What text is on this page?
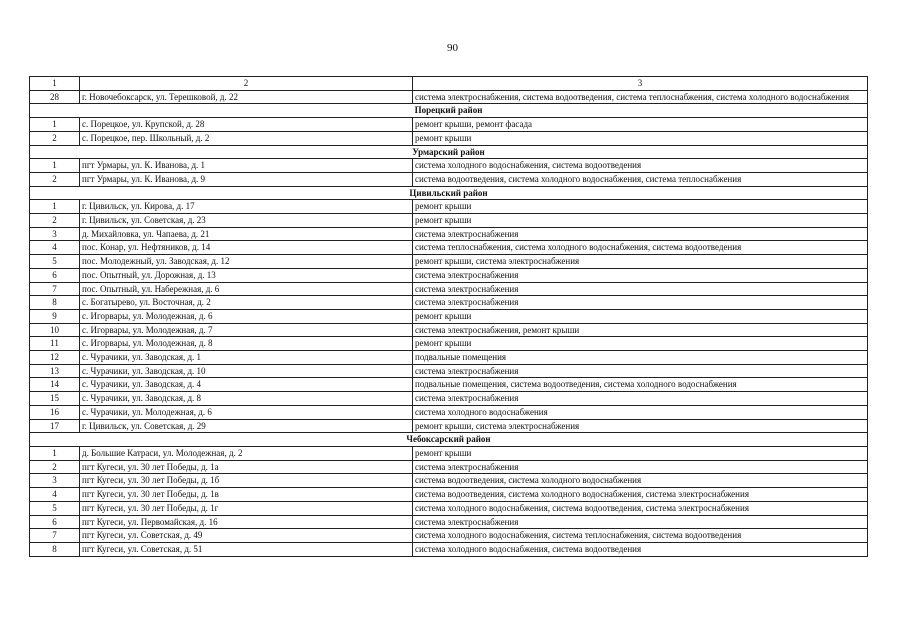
90
1	2	3
28	г. Новочебоксарск, ул. Терешковой, д. 22	система электроснабжения, система водоотведения, система теплоснабжения, система холодного водоснабжения
Порецкий район		
1	с. Порецкое, ул. Крупской, д. 28	ремонт крыши, ремонт фасада
2	с. Порецкое, пер. Школьный, д. 2	ремонт крыши
Урмарский район		
1	пгт Урмары, ул. К. Иванова, д. 1	система холодного водоснабжения, система водоотведения
2	пгт Урмары, ул. К. Иванова, д. 9	система водоотведения, система холодного водоснабжения, система теплоснабжения
Цивильский район		
1	г. Цивильск, ул. Кирова, д. 17	ремонт крыши
2	г. Цивильск, ул. Советская, д. 23	ремонт крыши
3	д. Михайловка, ул. Чапаева, д. 21	система электроснабжения
4	пос. Конар, ул. Нефтяников, д. 14	система теплоснабжения, система холодного водоснабжения, система водоотведения
5	пос. Молодежный, ул. Заводская, д. 12	ремонт крыши, система электроснабжения
6	пос. Опытный, ул. Дорожная, д. 13	система электроснабжения
7	пос. Опытный, ул. Набережная, д. 6	система электроснабжения
8	с. Богатырево, ул. Восточная, д. 2	система электроснабжения
9	с. Игорвары, ул. Молодежная, д. 6	ремонт крыши
10	с. Игорвары, ул. Молодежная, д. 7	система электроснабжения, ремонт крыши
11	с. Игорвары, ул. Молодежная, д. 8	ремонт крыши
12	с. Чурачики, ул. Заводская, д. 1	подвальные помещения
13	с. Чурачики, ул. Заводская, д. 10	система электроснабжения
14	с. Чурачики, ул. Заводская, д. 4	подвальные помещения, система водоотведения, система холодного водоснабжения
15	с. Чурачики, ул. Заводская, д. 8	система электроснабжения
16	с. Чурачики, ул. Молодежная, д. 6	система холодного водоснабжения
17	г. Цивильск, ул. Советская, д. 29	ремонт крыши, система электроснабжения
Чебоксарский район		
1	д. Большие Катраси, ул. Молодежная, д. 2	ремонт крыши
2	пгт Кугеси, ул. 30 лет Победы, д. 1а	система электроснабжения
3	пгт Кугеси, ул. 30 лет Победы, д. 1б	система водоотведения, система холодного водоснабжения
4	пгт Кугеси, ул. 30 лет Победы, д. 1в	система водоотведения, система холодного водоснабжения, система электроснабжения
5	пгт Кугеси, ул. 30 лет Победы, д. 1г	система холодного водоснабжения, система водоотведения, система электроснабжения
6	пгт Кугеси, ул. Первомайская, д. 16	система электроснабжения
7	пгт Кугеси, ул. Советская, д. 49	система холодного водоснабжения, система теплоснабжения, система водоотведения
8	пгт Кугеси, ул. Советская, д. 51	система холодного водоснабжения, система водоотведения
